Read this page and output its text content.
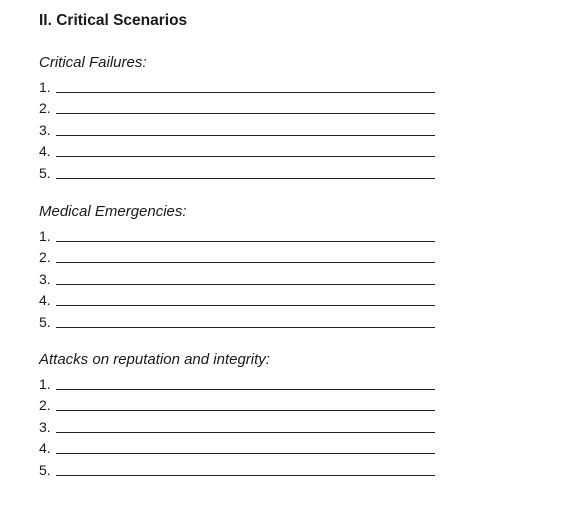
II. Critical Scenarios
Critical Failures:
1.
2.
3.
4.
5.
Medical Emergencies:
1.
2.
3.
4.
5.
Attacks on reputation and integrity:
1.
2.
3.
4.
5.
